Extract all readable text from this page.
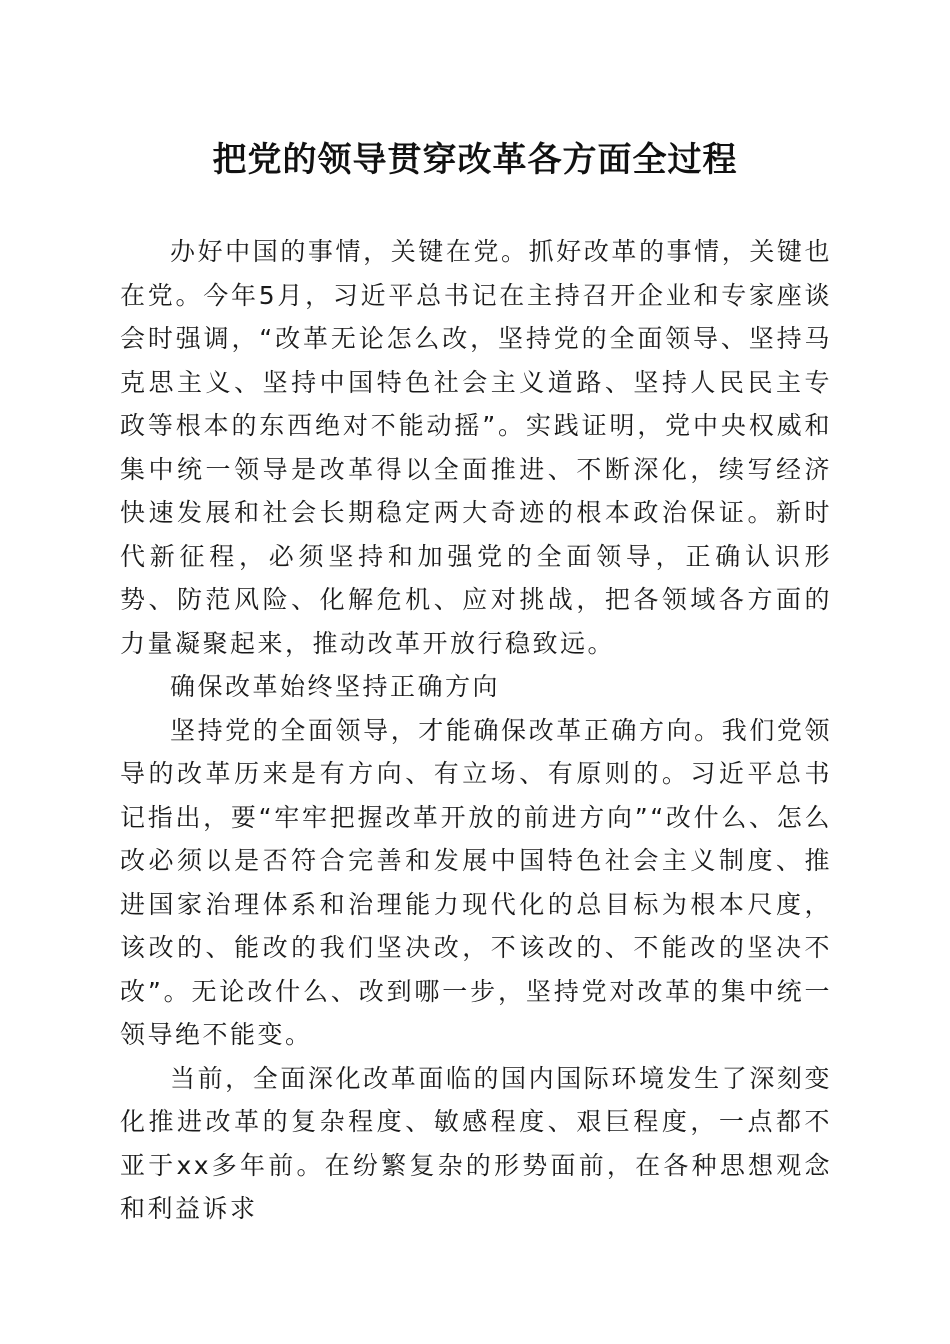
把党的领导贯穿改革各方面全过程

办好中国的事情，关键在党。抓好改革的事情，关键也在党。今年5月，习近平总书记在主持召开企业和专家座谈会时强调，“改革无论怎么改，坚持党的全面领导、坚持马克思主义、坚持中国特色社会主义道路、坚持人民民主专政等根本的东西绝对不能动摇”。实践证明，党中央权威和集中统一领导是改革得以全面推进、不断深化，续写经济快速发展和社会长期稳定两大奇迹的根本政治保证。新时代新征程，必须坚持和加强党的全面领导，正确认识形势、防范风险、化解危机、应对挑战，把各领域各方面的力量凝聚起来，推动改革开放行稳致远。

确保改革始终坚持正确方向

坚持党的全面领导，才能确保改革正确方向。我们党领导的改革历来是有方向、有立场、有原则的。习近平总书记指出，要“牢牢把握改革开放的前进方向”“改什么、怎么改必须以是否符合完善和发展中国特色社会主义制度、推进国家治理体系和治理能力现代化的总目标为根本尺度，该改的、能改的我们坚决改，不该改的、不能改的坚决不改”。无论改什么、改到哪一步，坚持党对改革的集中统一领导绝不能变。

当前，全面深化改革面临的国内国际环境发生了深刻变化推进改革的复杂程度、敏感程度、艰巨程度，一点都不亚于xx多年前。在纷繁复杂的形势面前，在各种思想观念和利益诉求
